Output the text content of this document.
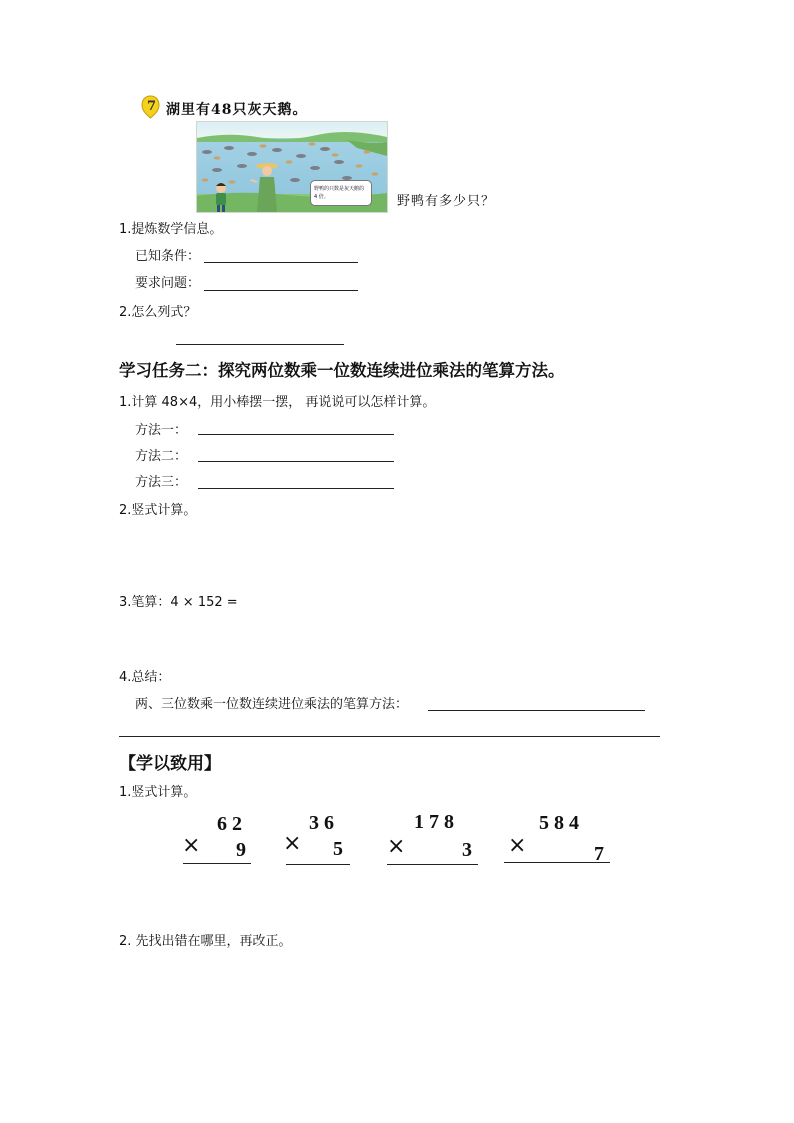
7 湖里有48只灰天鹅。
野鸭的只数是灰天鹅的 4 倍。	野鸭有多少只？
1.提炼数学信息。
已知条件：
要求问题：
2.怎么列式？
学习任务二：探究两位数乘一位数连续进位乘法的笔算方法。
1.计算 48×4，用小棒摆一摆， 再说说可以怎样计算。
方法一：
方法二：
方法三：
2.竖式计算。
3.笔算：4 × 152 =
4.总结：
两、三位数乘一位数连续进位乘法的笔算方法：
【学以致用】
1.竖式计算。
6 2
× 9
3 6
× 5
1 7 8
×	3
5 8 4
×	7
2. 先找出错在哪里，再改正。
